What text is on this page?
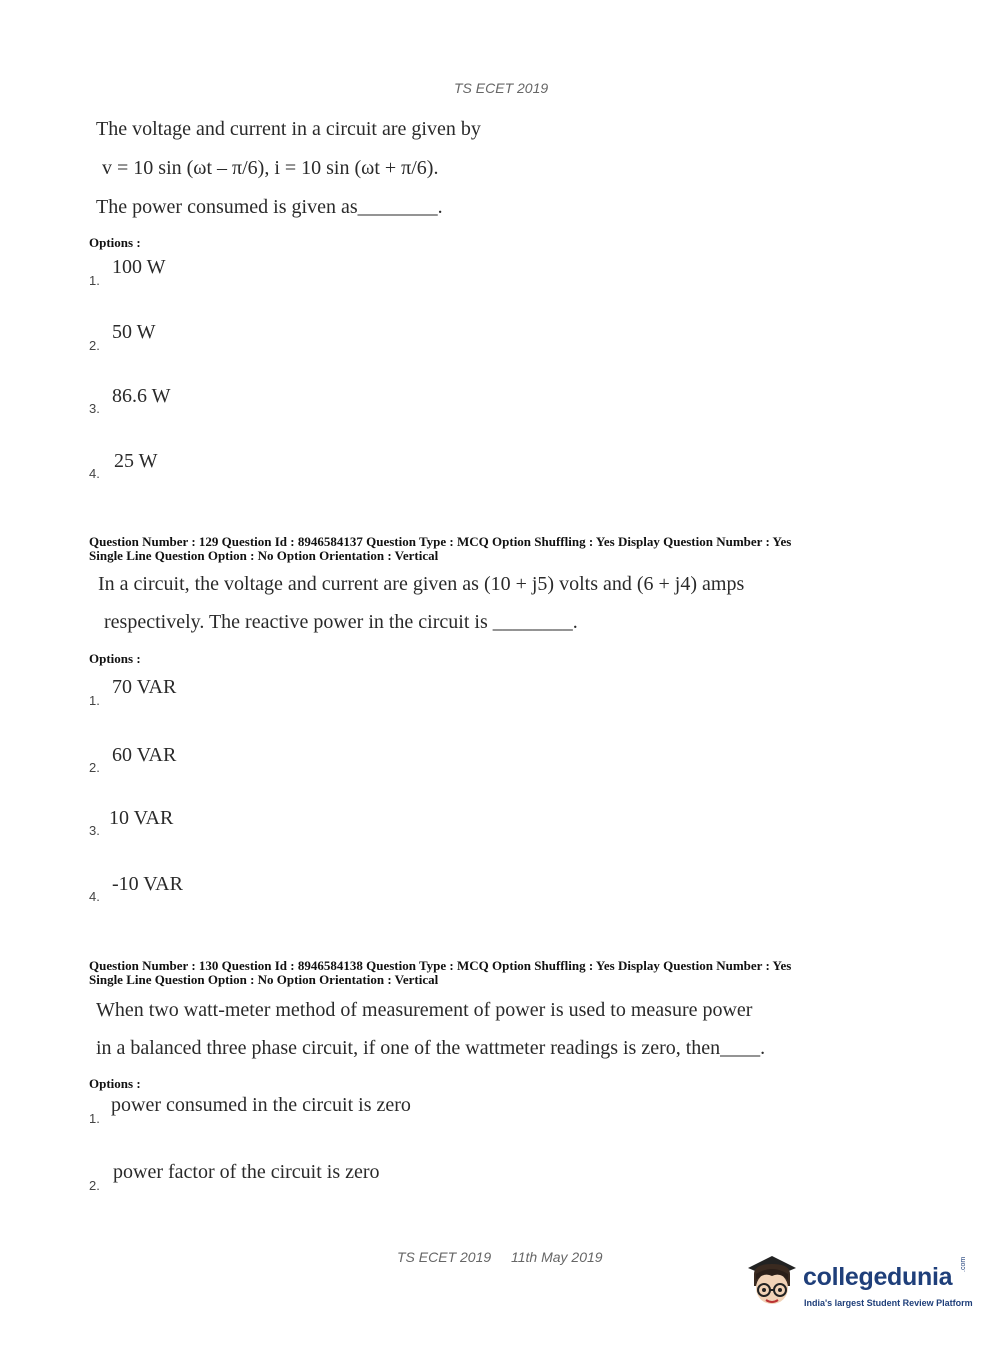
TS ECET 2019
The voltage and current in a circuit are given by
v = 10 sin (ωt – π/6), i = 10 sin (ωt + π/6).
The power consumed is given as________.
Options :
1.
100 W
2.
50 W
3.
86.6 W
4.
25 W
Question Number : 129 Question Id : 8946584137 Question Type : MCQ Option Shuffling : Yes Display Question Number : Yes
Single Line Question Option : No Option Orientation : Vertical
In a circuit, the voltage and current are given as (10 + j5) volts and (6 + j4) amps
respectively. The reactive power in the circuit is ________.
Options :
1.
70 VAR
2.
60 VAR
3.
10 VAR
4.
-10 VAR
Question Number : 130 Question Id : 8946584138 Question Type : MCQ Option Shuffling : Yes Display Question Number : Yes
Single Line Question Option : No Option Orientation : Vertical
When two watt-meter method of measurement of power is used to measure power
in a balanced three phase circuit, if one of the wattmeter readings is zero, then____.
Options :
1.
power consumed in the circuit is zero
2.
power factor of the circuit is zero
TS ECET 2019 11th May 2019
collegedunia .com
India's largest Student Review Platform
